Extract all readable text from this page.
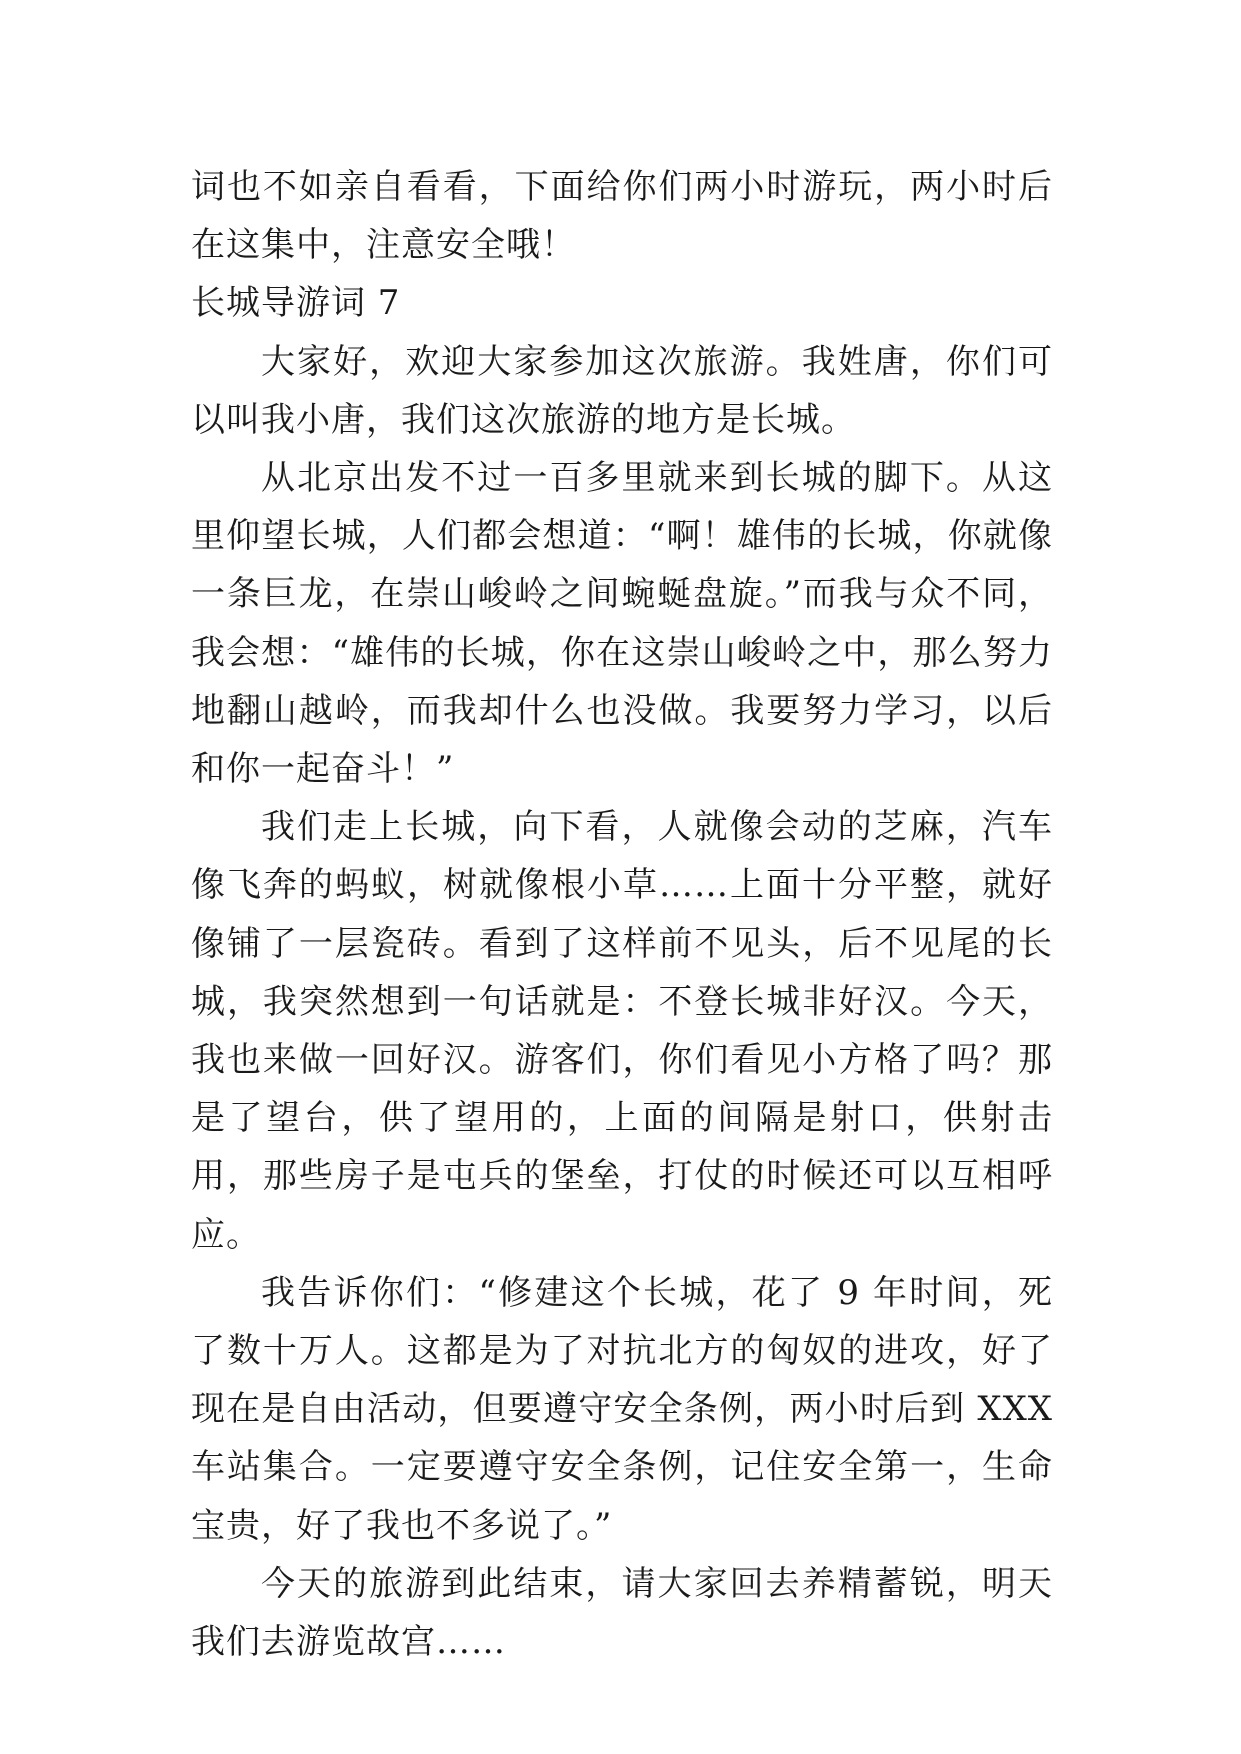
词也不如亲自看看，下面给你们两小时游玩，两小时后在这集中，注意安全哦！

长城导游词 7

大家好，欢迎大家参加这次旅游。我姓唐，你们可以叫我小唐，我们这次旅游的地方是长城。

从北京出发不过一百多里就来到长城的脚下。从这里仰望长城，人们都会想道：“啊！雄伟的长城，你就像一条巨龙，在崇山峻岭之间蜿蜒盘旋。”而我与众不同，我会想：“雄伟的长城，你在这崇山峻岭之中，那么努力地翻山越岭，而我却什么也没做。我要努力学习，以后和你一起奋斗！”

我们走上长城，向下看，人就像会动的芝麻，汽车像飞奔的蚂蚁，树就像根小草……上面十分平整，就好像铺了一层瓷砖。看到了这样前不见头，后不见尾的长城，我突然想到一句话就是：不登长城非好汉。今天，我也来做一回好汉。游客们，你们看见小方格了吗？那是了望台，供了望用的，上面的间隔是射口，供射击用，那些房子是屯兵的堡垒，打仗的时候还可以互相呼应。

我告诉你们：“修建这个长城，花了 9 年时间，死了数十万人。这都是为了对抗北方的匈奴的进攻，好了现在是自由活动，但要遵守安全条例，两小时后到 XXX 车站集合。一定要遵守安全条例，记住安全第一，生命宝贵，好了我也不多说了。”

今天的旅游到此结束，请大家回去养精蓄锐，明天我们去游览故宫……
